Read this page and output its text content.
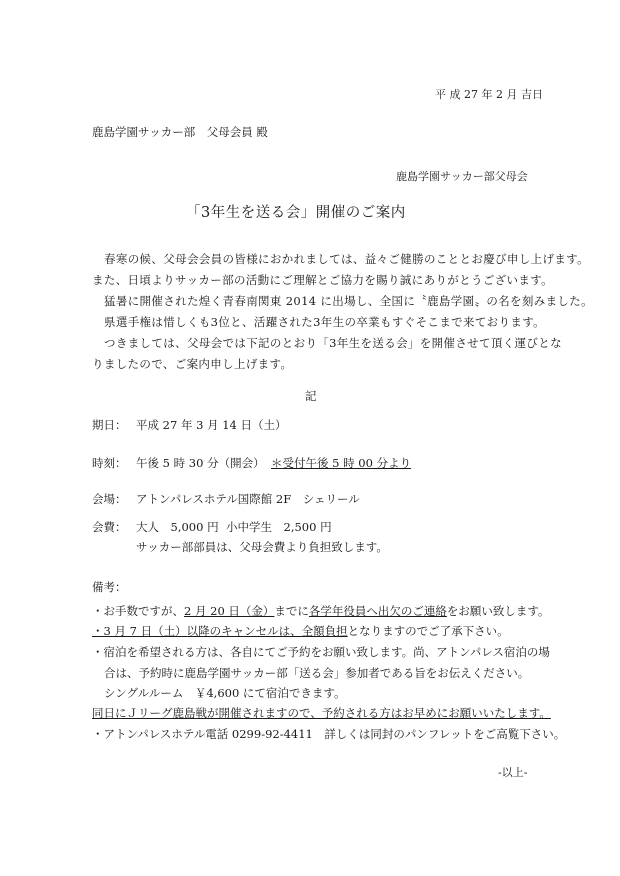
平 成 27 年 2 月 吉日

鹿島学園サッカー部　父母会員 殿

鹿島学園サッカー部父母会

「3年生を送る会」開催のご案内

春寒の候、父母会会員の皆様におかれましては、益々ご健勝のこととお慶び申し上げます。

また、日頃よりサッカー部の活動にご理解とご協力を賜り誠にありがとうございます。

猛暑に開催された煌く青春南関東 2014 に出場し、全国に〝鹿島学園〟の名を刻みました。

県選手権は惜しくも3位と、活躍された3年生の卒業もすぐそこまで来ております。

つきましては、父母会では下記のとおり「3年生を送る会」を開催させて頂く運びとな

りましたので、ご案内申し上げます。

記

期日： 平成 27 年 3 月 14 日（土）

時刻： 午後 5 時 30 分（開会） ＊受付午後 5 時 00 分より

会場： アトンパレスホテル国際館 2F　シェリール

会費： 大人　5,000 円 小中学生　2,500 円

サッカー部部員は、父母会費より負担致します。

備考：

・お手数ですが、2 月 20 日（金）までに各学年役員へ出欠のご連絡をお願い致します。

・3 月 7 日（土）以降のキャンセルは、全額負担となりますのでご了承下さい。

・宿泊を希望される方は、各自にてご予約をお願い致します。尚、アトンパレス宿泊の場

合は、予約時に鹿島学園サッカー部「送る会」参加者である旨をお伝えください。

シングルルーム　￥4,600 にて宿泊できます。

同日にＪリーグ鹿島戦が開催されますので、予約される方はお早めにお願いいたします。

・アトンパレスホテル電話 0299-92-4411　詳しくは同封のパンフレットをご高覧下さい。

-以上-
